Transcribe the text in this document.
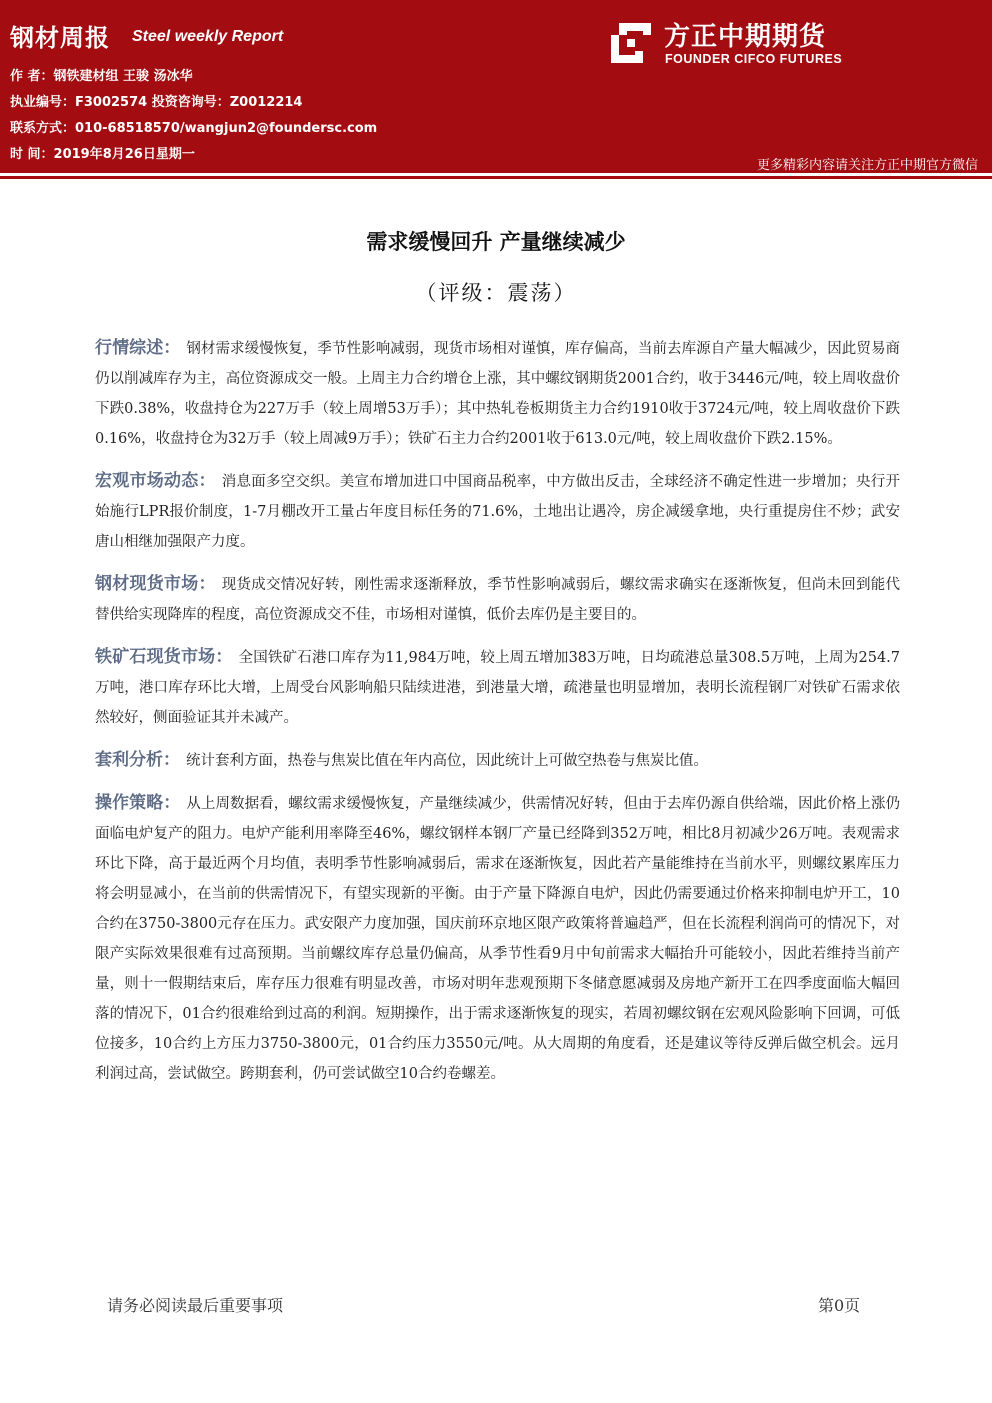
钢材周报 Steel weekly Report
作 者：钢铁建材组 王骏 汤冰华
执业编号：F3002574 投资咨询号：Z0012214
联系方式：010-68518570/wangjun2@foundersc.com
时 间：2019年8月26日星期一
方正中期期货
FOUNDER CIFCO FUTURES
更多精彩内容请关注方正中期官方微信
需求缓慢回升 产量继续减少
（评级：震荡）

行情综述： 钢材需求缓慢恢复，季节性影响减弱，现货市场相对谨慎，库存偏高，当前去库源自产量大幅减少，因此贸易商仍以削减库存为主，高位资源成交一般。上周主力合约增仓上涨，其中螺纹钢期货2001合约，收于3446元/吨，较上周收盘价下跌0.38%，收盘持仓为227万手（较上周增53万手）；其中热轧卷板期货主力合约1910收于3724元/吨，较上周收盘价下跌0.16%，收盘持仓为32万手（较上周减9万手）；铁矿石主力合约2001收于613.0元/吨，较上周收盘价下跌2.15%。

宏观市场动态： 消息面多空交织。美宣布增加进口中国商品税率，中方做出反击，全球经济不确定性进一步增加；央行开始施行LPR报价制度，1-7月棚改开工量占年度目标任务的71.6%，土地出让遇冷，房企减缓拿地，央行重提房住不炒；武安唐山相继加强限产力度。

钢材现货市场： 现货成交情况好转，刚性需求逐渐释放，季节性影响减弱后，螺纹需求确实在逐渐恢复，但尚未回到能代替供给实现降库的程度，高位资源成交不佳，市场相对谨慎，低价去库仍是主要目的。

铁矿石现货市场： 全国铁矿石港口库存为11,984万吨，较上周五增加383万吨，日均疏港总量308.5万吨，上周为254.7万吨，港口库存环比大增，上周受台风影响船只陆续进港，到港量大增，疏港量也明显增加，表明长流程钢厂对铁矿石需求依然较好，侧面验证其并未减产。

套利分析： 统计套利方面，热卷与焦炭比值在年内高位，因此统计上可做空热卷与焦炭比值。

操作策略： 从上周数据看，螺纹需求缓慢恢复，产量继续减少，供需情况好转，但由于去库仍源自供给端，因此价格上涨仍面临电炉复产的阻力。电炉产能利用率降至46%，螺纹钢样本钢厂产量已经降到352万吨，相比8月初减少26万吨。表观需求环比下降，高于最近两个月均值，表明季节性影响减弱后，需求在逐渐恢复，因此若产量能维持在当前水平，则螺纹累库压力将会明显减小，在当前的供需情况下，有望实现新的平衡。由于产量下降源自电炉，因此仍需要通过价格来抑制电炉开工，10合约在3750-3800元存在压力。武安限产力度加强，国庆前环京地区限产政策将普遍趋严，但在长流程利润尚可的情况下，对限产实际效果很难有过高预期。当前螺纹库存总量仍偏高，从季节性看9月中旬前需求大幅抬升可能较小，因此若维持当前产量，则十一假期结束后，库存压力很难有明显改善，市场对明年悲观预期下冬储意愿减弱及房地产新开工在四季度面临大幅回落的情况下，01合约很难给到过高的利润。短期操作，出于需求逐渐恢复的现实，若周初螺纹钢在宏观风险影响下回调，可低位接多，10合约上方压力3750-3800元，01合约压力3550元/吨。从大周期的角度看，还是建议等待反弹后做空机会。远月利润过高，尝试做空。跨期套利，仍可尝试做空10合约卷螺差。

请务必阅读最后重要事项	第0页
